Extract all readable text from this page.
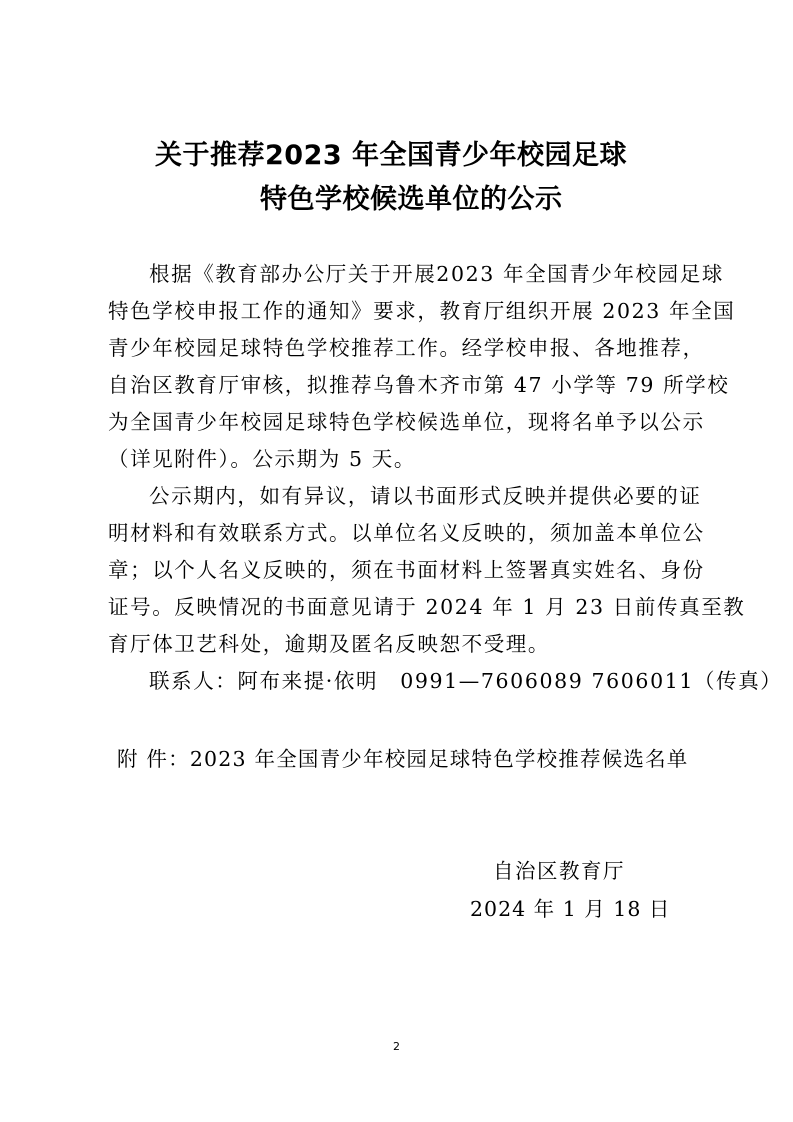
关于推荐2023 年全国青少年校园足球
特色学校候选单位的公示
根据《教育部办公厅关于开展2023 年全国青少年校园足球
特色学校申报工作的通知》要求，教育厅组织开展 2023 年全国
青少年校园足球特色学校推荐工作。经学校申报、各地推荐，
自治区教育厅审核，拟推荐乌鲁木齐市第 47 小学等 79 所学校
为全国青少年校园足球特色学校候选单位，现将名单予以公示
（详见附件）。公示期为 5 天。
公示期内，如有异议，请以书面形式反映并提供必要的证
明材料和有效联系方式。以单位名义反映的，须加盖本单位公
章；以个人名义反映的，须在书面材料上签署真实姓名、身份
证号。反映情况的书面意见请于 2024 年 1 月 23 日前传真至教
育厅体卫艺科处，逾期及匿名反映恕不受理。
联系人：阿布来提·依明　0991—7606089 7606011（传真）
附 件：2023 年全国青少年校园足球特色学校推荐候选名单
自治区教育厅
2024 年 1 月 18 日
2
